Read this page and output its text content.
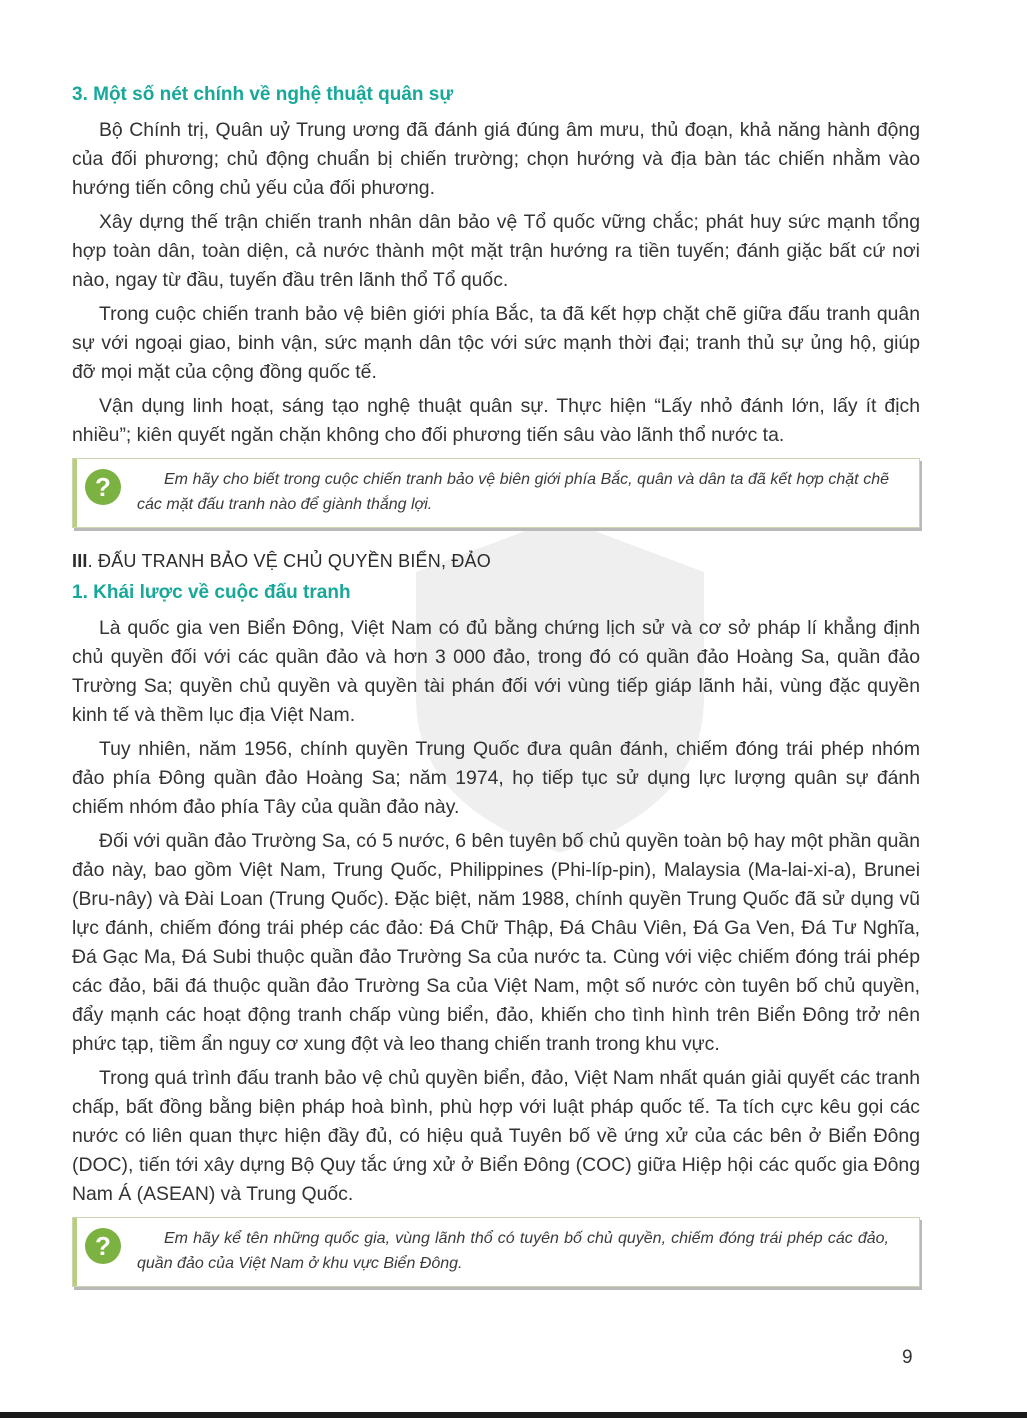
3. Một số nét chính về nghệ thuật quân sự

Bộ Chính trị, Quân uỷ Trung ương đã đánh giá đúng âm mưu, thủ đoạn, khả năng hành động của đối phương; chủ động chuẩn bị chiến trường; chọn hướng và địa bàn tác chiến nhằm vào hướng tiến công chủ yếu của đối phương.

Xây dựng thế trận chiến tranh nhân dân bảo vệ Tổ quốc vững chắc; phát huy sức mạnh tổng hợp toàn dân, toàn diện, cả nước thành một mặt trận hướng ra tiền tuyến; đánh giặc bất cứ nơi nào, ngay từ đầu, tuyến đầu trên lãnh thổ Tổ quốc.

Trong cuộc chiến tranh bảo vệ biên giới phía Bắc, ta đã kết hợp chặt chẽ giữa đấu tranh quân sự với ngoại giao, binh vận, sức mạnh dân tộc với sức mạnh thời đại; tranh thủ sự ủng hộ, giúp đỡ mọi mặt của cộng đồng quốc tế.

Vận dụng linh hoạt, sáng tạo nghệ thuật quân sự. Thực hiện “Lấy nhỏ đánh lớn, lấy ít địch nhiều”; kiên quyết ngăn chặn không cho đối phương tiến sâu vào lãnh thổ nước ta.

?	Em hãy cho biết trong cuộc chiến tranh bảo vệ biên giới phía Bắc, quân và dân ta đã kết hợp chặt chẽ các mặt đấu tranh nào để giành thắng lợi.

III. ĐẤU TRANH BẢO VỆ CHỦ QUYỀN BIỂN, ĐẢO
1. Khái lược về cuộc đấu tranh

Là quốc gia ven Biển Đông, Việt Nam có đủ bằng chứng lịch sử và cơ sở pháp lí khẳng định chủ quyền đối với các quần đảo và hơn 3 000 đảo, trong đó có quần đảo Hoàng Sa, quần đảo Trường Sa; quyền chủ quyền và quyền tài phán đối với vùng tiếp giáp lãnh hải, vùng đặc quyền kinh tế và thềm lục địa Việt Nam.

Tuy nhiên, năm 1956, chính quyền Trung Quốc đưa quân đánh, chiếm đóng trái phép nhóm đảo phía Đông quần đảo Hoàng Sa; năm 1974, họ tiếp tục sử dụng lực lượng quân sự đánh chiếm nhóm đảo phía Tây của quần đảo này.

Đối với quần đảo Trường Sa, có 5 nước, 6 bên tuyên bố chủ quyền toàn bộ hay một phần quần đảo này, bao gồm Việt Nam, Trung Quốc, Philippines (Phi-líp-pin), Malaysia (Ma-lai-xi-a), Brunei (Bru-nây) và Đài Loan (Trung Quốc). Đặc biệt, năm 1988, chính quyền Trung Quốc đã sử dụng vũ lực đánh, chiếm đóng trái phép các đảo: Đá Chữ Thập, Đá Châu Viên, Đá Ga Ven, Đá Tư Nghĩa, Đá Gạc Ma, Đá Subi thuộc quần đảo Trường Sa của nước ta. Cùng với việc chiếm đóng trái phép các đảo, bãi đá thuộc quần đảo Trường Sa của Việt Nam, một số nước còn tuyên bố chủ quyền, đẩy mạnh các hoạt động tranh chấp vùng biển, đảo, khiến cho tình hình trên Biển Đông trở nên phức tạp, tiềm ẩn nguy cơ xung đột và leo thang chiến tranh trong khu vực.

Trong quá trình đấu tranh bảo vệ chủ quyền biển, đảo, Việt Nam nhất quán giải quyết các tranh chấp, bất đồng bằng biện pháp hoà bình, phù hợp với luật pháp quốc tế. Ta tích cực kêu gọi các nước có liên quan thực hiện đầy đủ, có hiệu quả Tuyên bố về ứng xử của các bên ở Biển Đông (DOC), tiến tới xây dựng Bộ Quy tắc ứng xử ở Biển Đông (COC) giữa Hiệp hội các quốc gia Đông Nam Á (ASEAN) và Trung Quốc.

?	Em hãy kể tên những quốc gia, vùng lãnh thổ có tuyên bố chủ quyền, chiếm đóng trái phép các đảo, quần đảo của Việt Nam ở khu vực Biển Đông.

9
